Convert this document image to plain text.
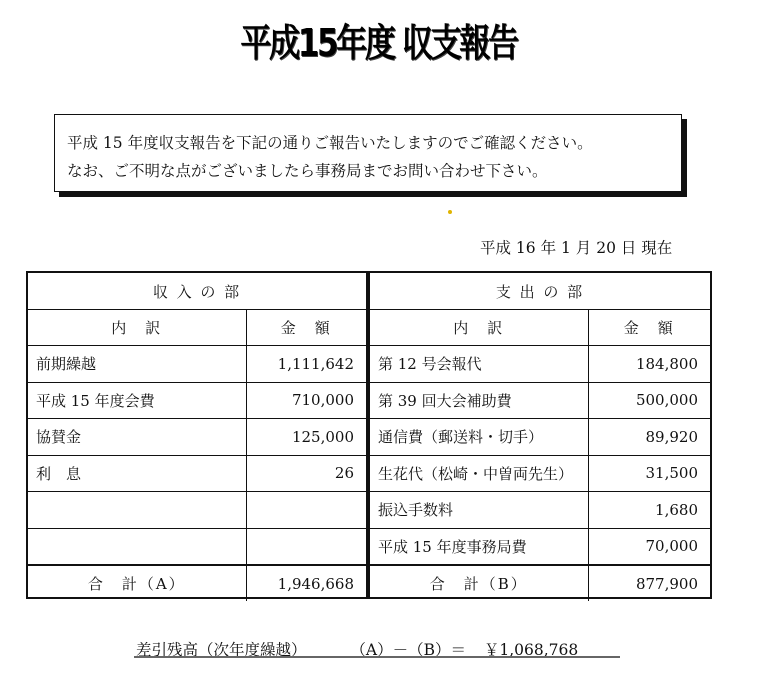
平成15年度 収支報告

平成 15 年度収支報告を下記の通りご報告いたしますのでご確認ください。

なお、ご不明な点がございましたら事務局までお問い合わせ下さい。

平成 16 年 1 月 20 日 現在
収 入 の 部	
内　訳	金　額
前期繰越	1,111,642
平成 15 年度会費	710,000
協賛金	125,000
利　息	26

合　計（A）	1,946,668
支 出 の 部	
内　訳	金　額
第 12 号会報代	184,800
第 39 回大会補助費	500,000
通信費（郵送料・切手）	89,920
生花代（松崎・中曽両先生）	31,500
振込手数料	1,680
平成 15 年度事務局費	70,000
合　計（B）	877,900
差引残高（次年度繰越）	（A）－（B）＝ ￥1,068,768
